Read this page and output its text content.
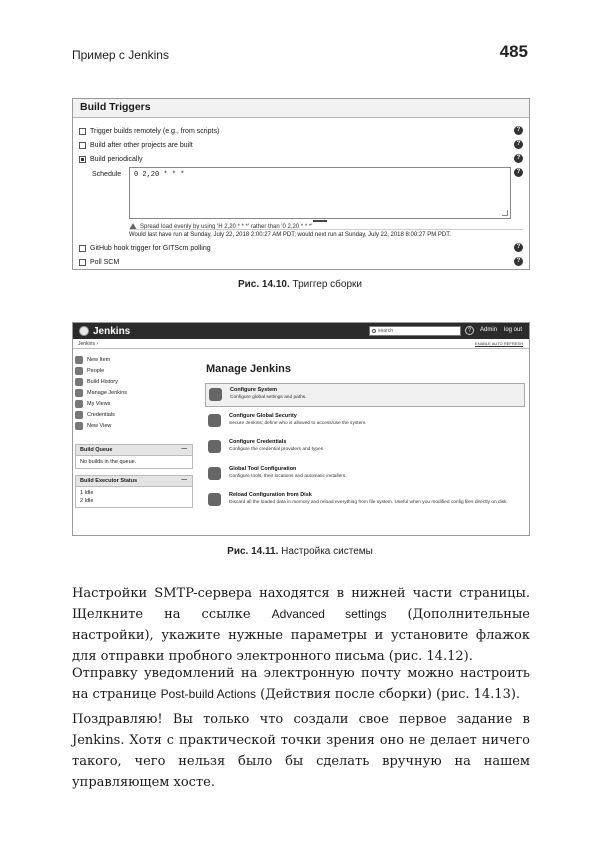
Пример с Jenkins	485
Build Triggers
Trigger builds remotely (e.g., from scripts)	?
Build after other projects are built	?
Build periodically	?
Schedule	0 2,20 * * *	?
Spread load evenly by using 'H 2,20 * * *' rather than '0 2,20 * * *'
Would last have run at Sunday, July 22, 2018 2:00:27 AM PDT; would next run at Sunday, July 22, 2018 8:00:27 PM PDT.
GitHub hook trigger for GITScm polling	?
Poll SCM	?
Рис. 14.10. Триггер сборки
Jenkins	search	?	Admin log out
Jenkins ›	ENABLE AUTO REFRESH
New Item
People
Build History
Manage Jenkins
My Views
Credentials
New View
Build Queue	—
No builds in the queue.
Build Executor Status	—
1 Idle
2 Idle
Manage Jenkins
Configure System
Configure global settings and paths.
Configure Global Security
Secure Jenkins; define who is allowed to access/use the system.
Configure Credentials
Configure the credential providers and types
Global Tool Configuration
Configure tools, their locations and automatic installers.
Reload Configuration from Disk
Discard all the loaded data in memory and reload everything from file system. Useful when you modified config files directly on disk.
Рис. 14.11. Настройка системы

Настройки SMTP-сервера находятся в нижней части страницы. Щелкните на ссылке Advanced settings (Дополнительные настройки), укажите нужные параметры и установите флажок для отправки пробного электронного письма (рис. 14.12).

Отправку уведомлений на электронную почту можно настроить на странице Post-build Actions (Действия после сборки) (рис. 14.13).

Поздравляю! Вы только что создали свое первое задание в Jenkins. Хотя с практической точки зрения оно не делает ничего такого, чего нельзя было бы сделать вручную на нашем управляющем хосте.
